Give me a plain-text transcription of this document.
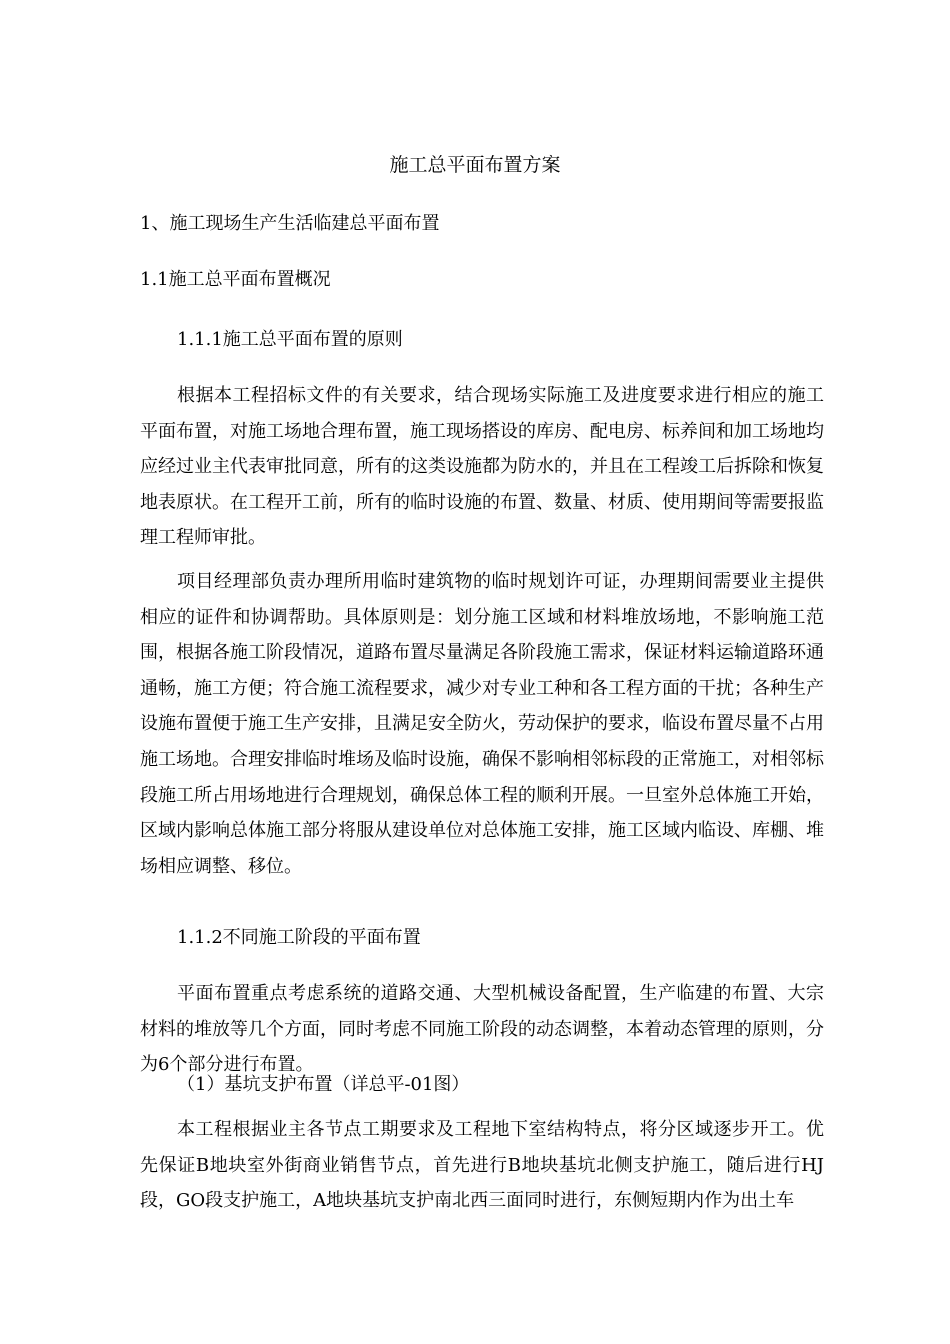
施工总平面布置方案
1、施工现场生产生活临建总平面布置
1.1施工总平面布置概况
1.1.1施工总平面布置的原则

根据本工程招标文件的有关要求，结合现场实际施工及进度要求进行相应的施工平面布置，对施工场地合理布置，施工现场搭设的库房、配电房、标养间和加工场地均应经过业主代表审批同意，所有的这类设施都为防水的，并且在工程竣工后拆除和恢复地表原状。在工程开工前，所有的临时设施的布置、数量、材质、使用期间等需要报监理工程师审批。

项目经理部负责办理所用临时建筑物的临时规划许可证，办理期间需要业主提供相应的证件和协调帮助。具体原则是：划分施工区域和材料堆放场地，不影响施工范围，根据各施工阶段情况，道路布置尽量满足各阶段施工需求，保证材料运输道路环通通畅，施工方便；符合施工流程要求，减少对专业工种和各工程方面的干扰；各种生产设施布置便于施工生产安排，且满足安全防火，劳动保护的要求，临设布置尽量不占用施工场地。合理安排临时堆场及临时设施，确保不影响相邻标段的正常施工，对相邻标段施工所占用场地进行合理规划，确保总体工程的顺利开展。一旦室外总体施工开始，区域内影响总体施工部分将服从建设单位对总体施工安排，施工区域内临设、库棚、堆场相应调整、移位。

1.1.2不同施工阶段的平面布置

平面布置重点考虑系统的道路交通、大型机械设备配置，生产临建的布置、大宗材料的堆放等几个方面，同时考虑不同施工阶段的动态调整，本着动态管理的原则，分为6个部分进行布置。

（1）基坑支护布置（详总平-01图）

本工程根据业主各节点工期要求及工程地下室结构特点，将分区域逐步开工。优先保证B地块室外街商业销售节点，首先进行B地块基坑北侧支护施工，随后进行HJ段，GO段支护施工，A地块基坑支护南北西三面同时进行，东侧短期内作为出土车
